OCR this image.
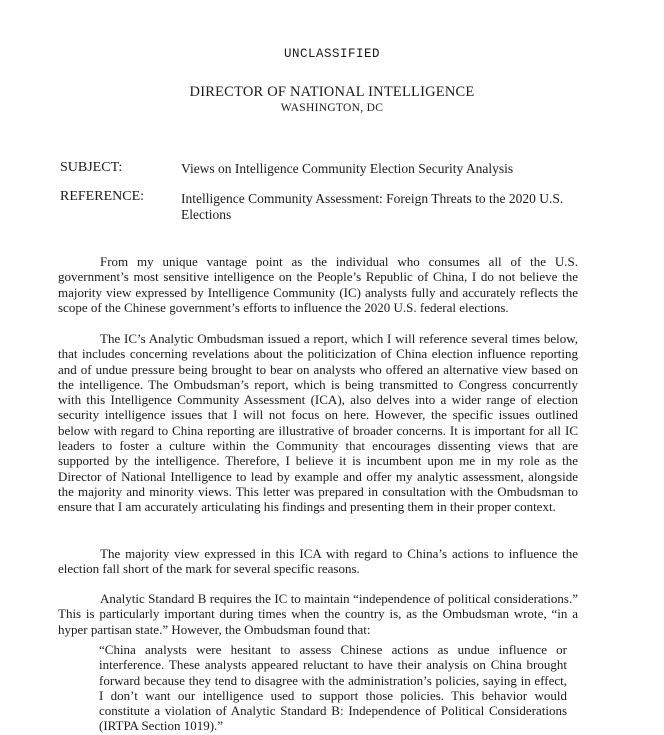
UNCLASSIFIED
DIRECTOR OF NATIONAL INTELLIGENCE
WASHINGTON, DC
SUBJECT:	Views on Intelligence Community Election Security Analysis
REFERENCE:	Intelligence Community Assessment: Foreign Threats to the 2020 U.S. Elections

From my unique vantage point as the individual who consumes all of the U.S. government’s most sensitive intelligence on the People’s Republic of China, I do not believe the majority view expressed by Intelligence Community (IC) analysts fully and accurately reflects the scope of the Chinese government’s efforts to influence the 2020 U.S. federal elections.

The IC’s Analytic Ombudsman issued a report, which I will reference several times below, that includes concerning revelations about the politicization of China election influence reporting and of undue pressure being brought to bear on analysts who offered an alternative view based on the intelligence. The Ombudsman’s report, which is being transmitted to Congress concurrently with this Intelligence Community Assessment (ICA), also delves into a wider range of election security intelligence issues that I will not focus on here. However, the specific issues outlined below with regard to China reporting are illustrative of broader concerns. It is important for all IC leaders to foster a culture within the Community that encourages dissenting views that are supported by the intelligence. Therefore, I believe it is incumbent upon me in my role as the Director of National Intelligence to lead by example and offer my analytic assessment, alongside the majority and minority views. This letter was prepared in consultation with the Ombudsman to ensure that I am accurately articulating his findings and presenting them in their proper context.

The majority view expressed in this ICA with regard to China’s actions to influence the election fall short of the mark for several specific reasons.

Analytic Standard B requires the IC to maintain “independence of political considerations.” This is particularly important during times when the country is, as the Ombudsman wrote, “in a hyper partisan state.” However, the Ombudsman found that:

“China analysts were hesitant to assess Chinese actions as undue influence or interference. These analysts appeared reluctant to have their analysis on China brought forward because they tend to disagree with the administration’s policies, saying in effect, I don’t want our intelligence used to support those policies. This behavior would constitute a violation of Analytic Standard B: Independence of Political Considerations (IRTPA Section 1019).”
